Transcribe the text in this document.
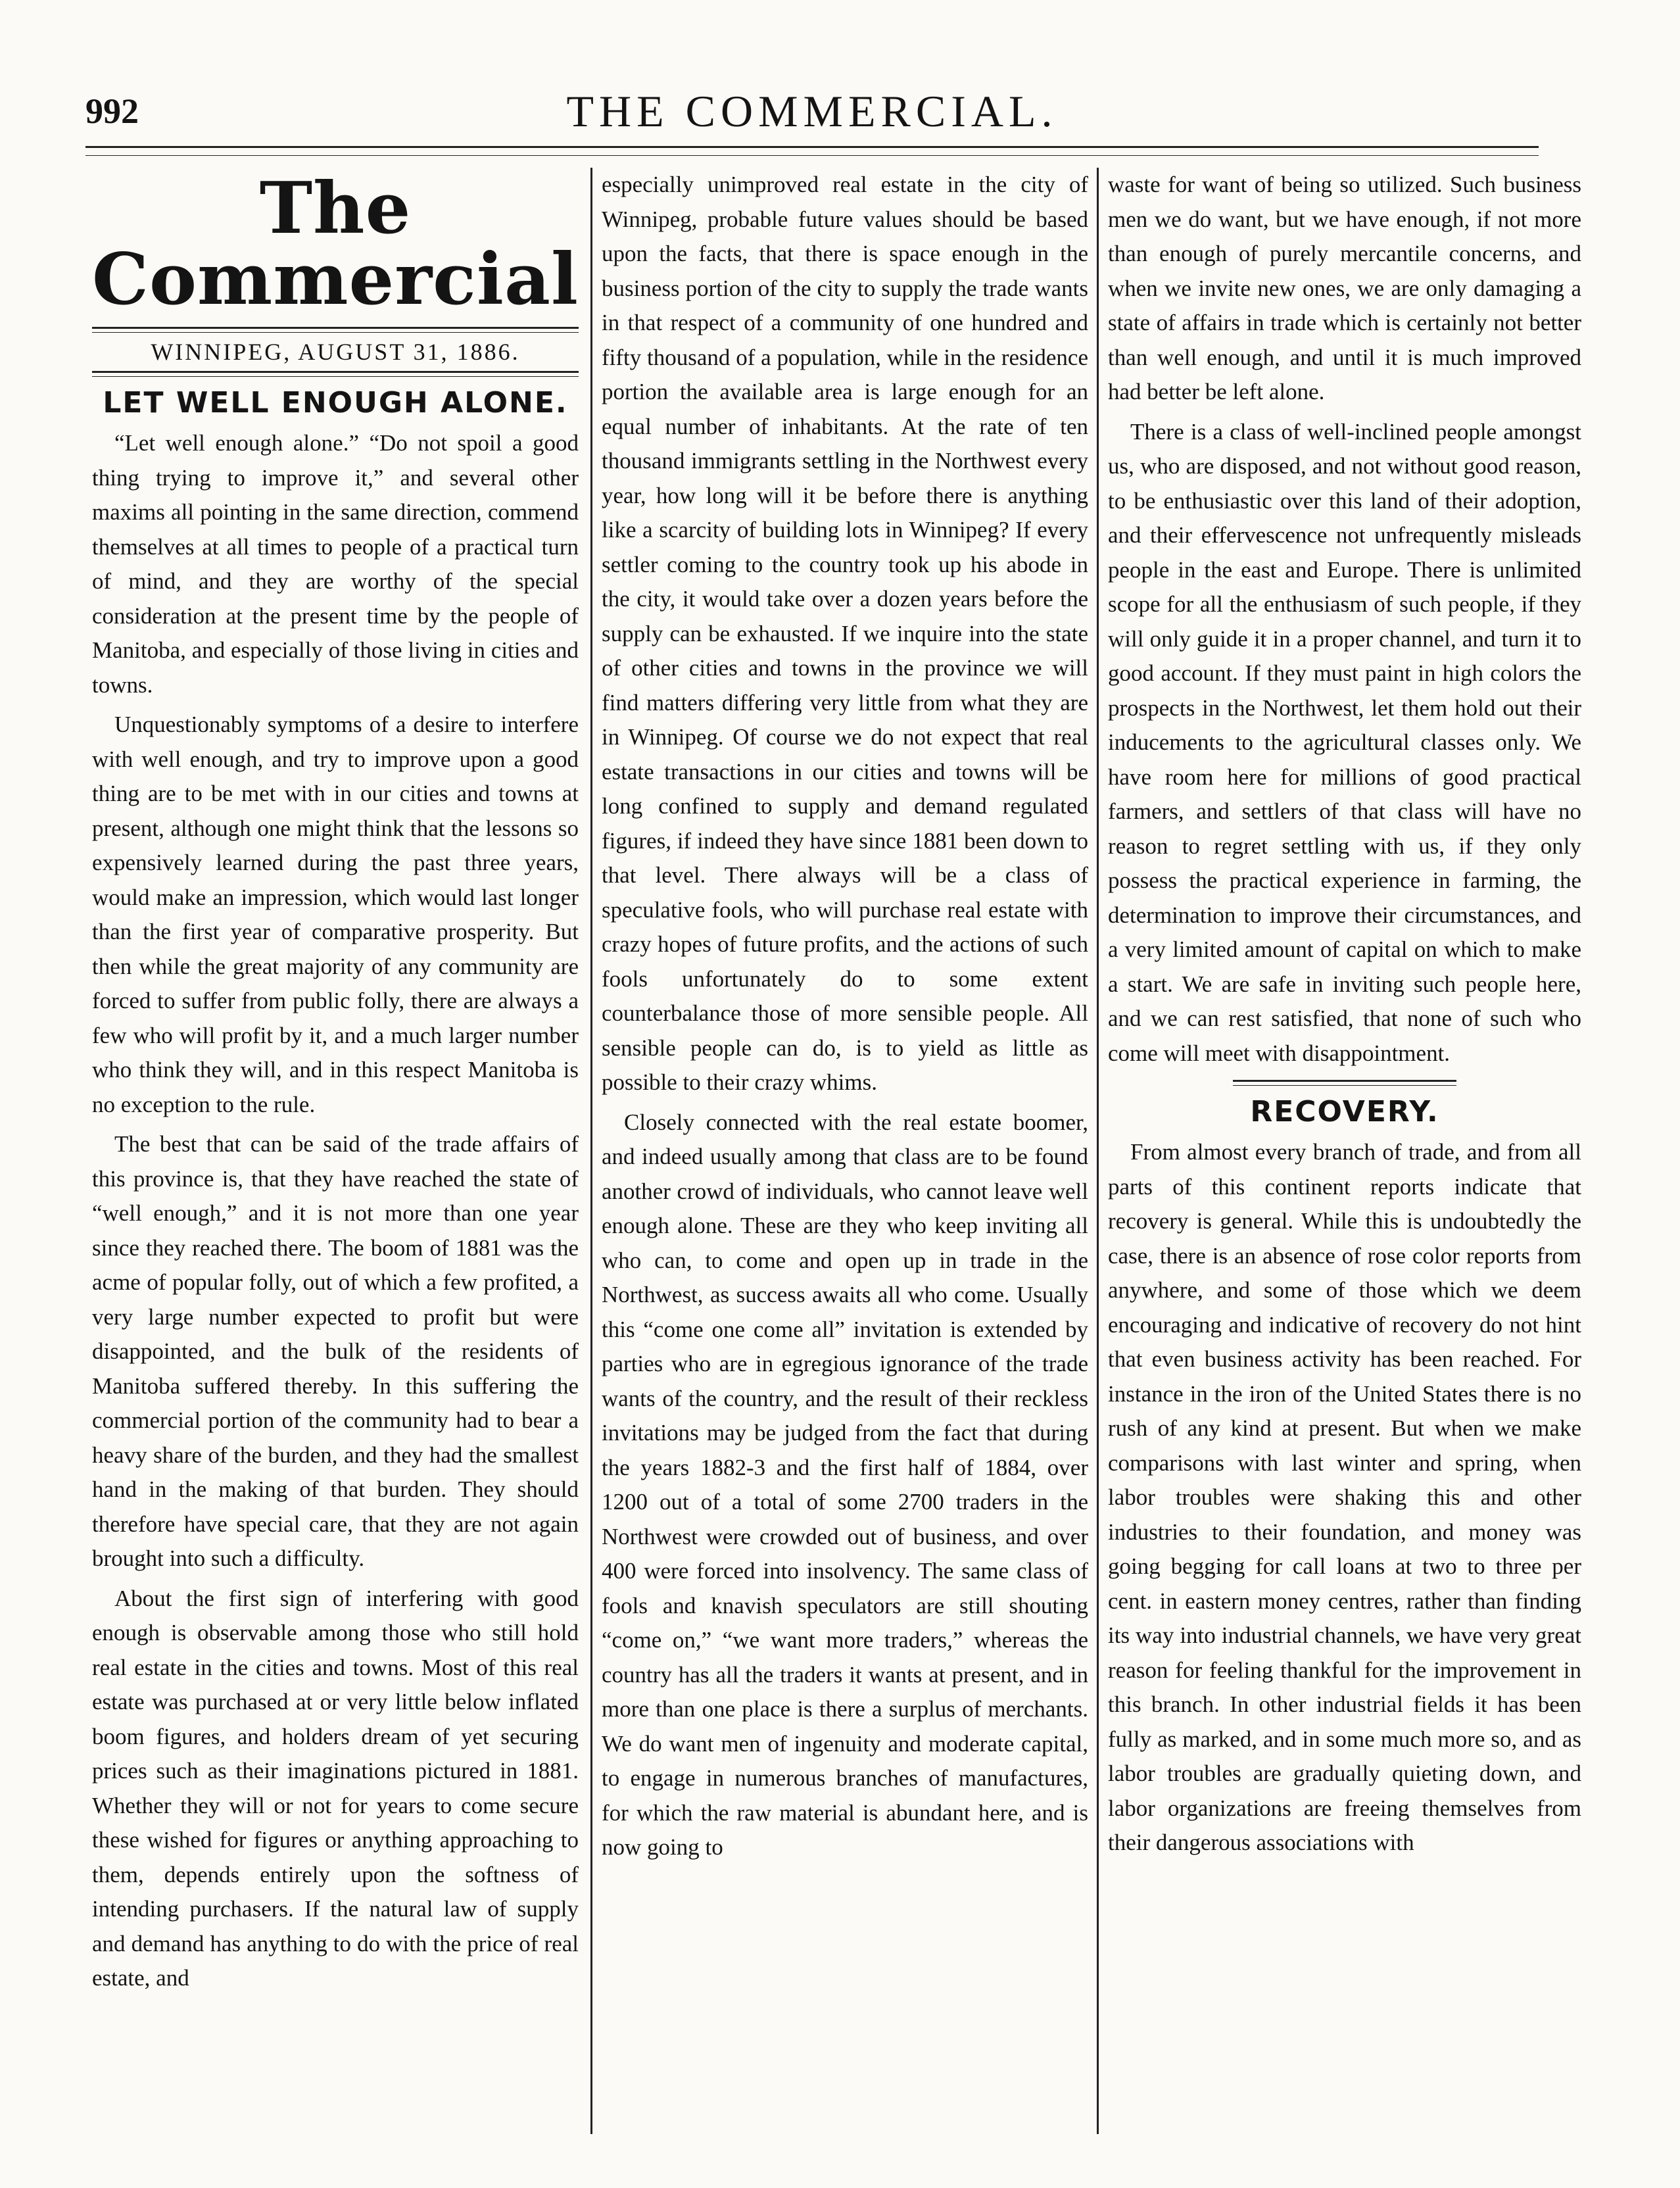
992	THE COMMERCIAL.
The Commercial
WINNIPEG, AUGUST 31, 1886.
LET WELL ENOUGH ALONE.

“Let well enough alone.” “Do not spoil a good thing trying to improve it,” and several other maxims all pointing in the same direction, commend themselves at all times to people of a practical turn of mind, and they are worthy of the special consideration at the present time by the people of Manitoba, and especially of those living in cities and towns.

Unquestionably symptoms of a desire to interfere with well enough, and try to improve upon a good thing are to be met with in our cities and towns at present, although one might think that the lessons so expensively learned during the past three years, would make an impression, which would last longer than the first year of comparative prosperity. But then while the great majority of any community are forced to suffer from public folly, there are always a few who will profit by it, and a much larger number who think they will, and in this respect Manitoba is no exception to the rule.

The best that can be said of the trade affairs of this province is, that they have reached the state of “well enough,” and it is not more than one year since they reached there. The boom of 1881 was the acme of popular folly, out of which a few profited, a very large number expected to profit but were disappointed, and the bulk of the residents of Manitoba suffered thereby. In this suffering the commercial portion of the community had to bear a heavy share of the burden, and they had the smallest hand in the making of that burden. They should therefore have special care, that they are not again brought into such a difficulty.

About the first sign of interfering with good enough is observable among those who still hold real estate in the cities and towns. Most of this real estate was purchased at or very little below inflated boom figures, and holders dream of yet securing prices such as their imaginations pictured in 1881. Whether they will or not for years to come secure these wished for figures or anything approaching to them, depends entirely upon the softness of intending purchasers. If the natural law of supply and demand has anything to do with the price of real estate, and

especially unimproved real estate in the city of Winnipeg, probable future values should be based upon the facts, that there is space enough in the business portion of the city to supply the trade wants in that respect of a community of one hundred and fifty thousand of a population, while in the residence portion the available area is large enough for an equal number of inhabitants. At the rate of ten thousand immigrants settling in the Northwest every year, how long will it be before there is anything like a scarcity of building lots in Winnipeg? If every settler coming to the country took up his abode in the city, it would take over a dozen years before the supply can be exhausted. If we inquire into the state of other cities and towns in the province we will find matters differing very little from what they are in Winnipeg. Of course we do not expect that real estate transactions in our cities and towns will be long confined to supply and demand regulated figures, if indeed they have since 1881 been down to that level. There always will be a class of speculative fools, who will purchase real estate with crazy hopes of future profits, and the actions of such fools unfortunately do to some extent counterbalance those of more sensible people. All sensible people can do, is to yield as little as possible to their crazy whims.

Closely connected with the real estate boomer, and indeed usually among that class are to be found another crowd of individuals, who cannot leave well enough alone. These are they who keep inviting all who can, to come and open up in trade in the Northwest, as success awaits all who come. Usually this “come one come all” invitation is extended by parties who are in egregious ignorance of the trade wants of the country, and the result of their reckless invitations may be judged from the fact that during the years 1882-3 and the first half of 1884, over 1200 out of a total of some 2700 traders in the Northwest were crowded out of business, and over 400 were forced into insolvency. The same class of fools and knavish speculators are still shouting “come on,” “we want more traders,” whereas the country has all the traders it wants at present, and in more than one place is there a surplus of merchants. We do want men of ingenuity and moderate capital, to engage in numerous branches of manufactures, for which the raw material is abundant here, and is now going to

waste for want of being so utilized. Such business men we do want, but we have enough, if not more than enough of purely mercantile concerns, and when we invite new ones, we are only damaging a state of affairs in trade which is certainly not better than well enough, and until it is much improved had better be left alone.

There is a class of well-inclined people amongst us, who are disposed, and not without good reason, to be enthusiastic over this land of their adoption, and their effervescence not unfrequently misleads people in the east and Europe. There is unlimited scope for all the enthusiasm of such people, if they will only guide it in a proper channel, and turn it to good account. If they must paint in high colors the prospects in the Northwest, let them hold out their inducements to the agricultural classes only. We have room here for millions of good practical farmers, and settlers of that class will have no reason to regret settling with us, if they only possess the practical experience in farming, the determination to improve their circumstances, and a very limited amount of capital on which to make a start. We are safe in inviting such people here, and we can rest satisfied, that none of such who come will meet with disappointment.

RECOVERY.

From almost every branch of trade, and from all parts of this continent reports indicate that recovery is general. While this is undoubtedly the case, there is an absence of rose color reports from anywhere, and some of those which we deem encouraging and indicative of recovery do not hint that even business activity has been reached. For instance in the iron of the United States there is no rush of any kind at present. But when we make comparisons with last winter and spring, when labor troubles were shaking this and other industries to their foundation, and money was going begging for call loans at two to three per cent. in eastern money centres, rather than finding its way into industrial channels, we have very great reason for feeling thankful for the improvement in this branch. In other industrial fields it has been fully as marked, and in some much more so, and as labor troubles are gradually quieting down, and labor organizations are freeing themselves from their dangerous associations with
